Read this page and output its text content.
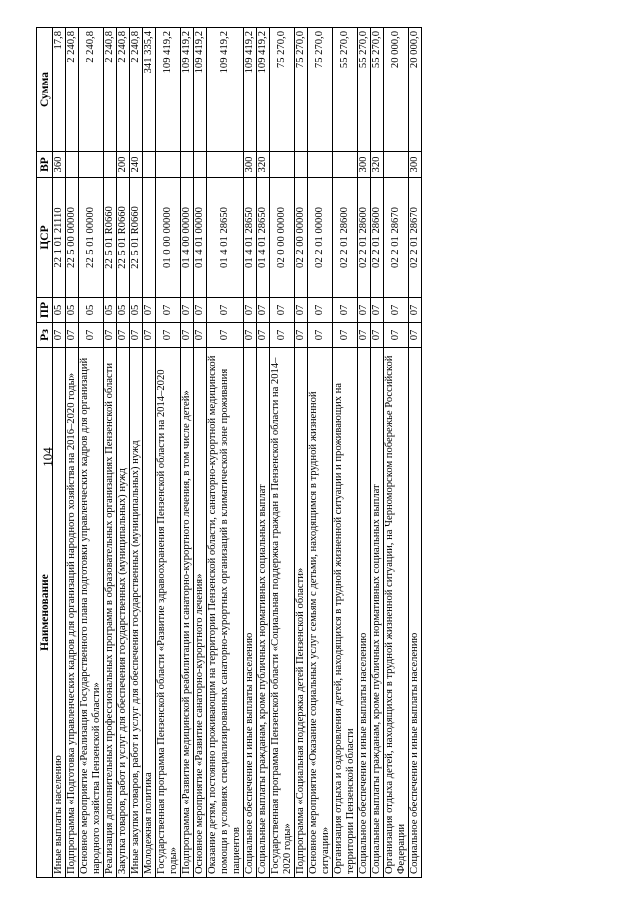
104
Наименование	Рз	ПР	ЦСР	ВР	Сумма
Иные выплаты населению	07	05	22 1 01 21110	360	17,8
Подпрограмма «Подготовка управленческих кадров для организаций народного хозяйства на 2016–2020 годы»	07	05	22 5 00 00000		2 240,8
Основное мероприятие «Реализация Государственного плана подготовки управленческих кадров для организаций народного хозяйства Пензенской области»	07	05	22 5 01 00000		2 240,8
Реализация дополнительных профессиональных программ в образовательных организациях Пензенской области	07	05	22 5 01 R0660		2 240,8
Закупка товаров, работ и услуг для обеспечения государственных (муниципальных) нужд	07	05	22 5 01 R0660	200	2 240,8
Иные закупки товаров, работ и услуг для обеспечения государственных (муниципальных) нужд	07	05	22 5 01 R0660	240	2 240,8
Молодежная политика	07	07			341 335,4
Государственная программа Пензенской области «Развитие здравоохранения Пензенской области на 2014–2020 годы»	07	07	01 0 00 00000		109 419,2
Подпрограмма «Развитие медицинской реабилитации и санаторно-курортного лечения, в том числе детей»	07	07	01 4 00 00000		109 419,2
Основное мероприятие «Развитие санаторно-курортного лечения»	07	07	01 4 01 00000		109 419,2
Оказание детям, постоянно проживающим на территории Пензенской области, санаторно-курортной медицинской помощи в условиях специализированных санаторно-курортных организаций в климатической зоне проживания пациентов	07	07	01 4 01 28650		109 419,2
Социальное обеспечение и иные выплаты населению	07	07	01 4 01 28650	300	109 419,2
Социальные выплаты гражданам, кроме публичных нормативных социальных выплат	07	07	01 4 01 28650	320	109 419,2
Государственная программа Пензенской области «Социальная поддержка граждан в Пензенской области на 2014–2020 годы»	07	07	02 0 00 00000		75 270,0
Подпрограмма «Социальная поддержка детей Пензенской области»	07	07	02 2 00 00000		75 270,0
Основное мероприятие «Оказание социальных услуг семьям с детьми, находящимся в трудной жизненной ситуации»	07	07	02 2 01 00000		75 270,0
Организация отдыха и оздоровления детей, находящихся в трудной жизненной ситуации и проживающих на территории Пензенской области	07	07	02 2 01 28600		55 270,0
Социальное обеспечение и иные выплаты населению	07	07	02 2 01 28600	300	55 270,0
Социальные выплаты гражданам, кроме публичных нормативных социальных выплат	07	07	02 2 01 28600	320	55 270,0
Организация отдыха детей, находящихся в трудной жизненной ситуации, на Черноморском побережье Российской Федерации	07	07	02 2 01 28670		20 000,0
Социальное обеспечение и иные выплаты населению	07	07	02 2 01 28670	300	20 000,0
